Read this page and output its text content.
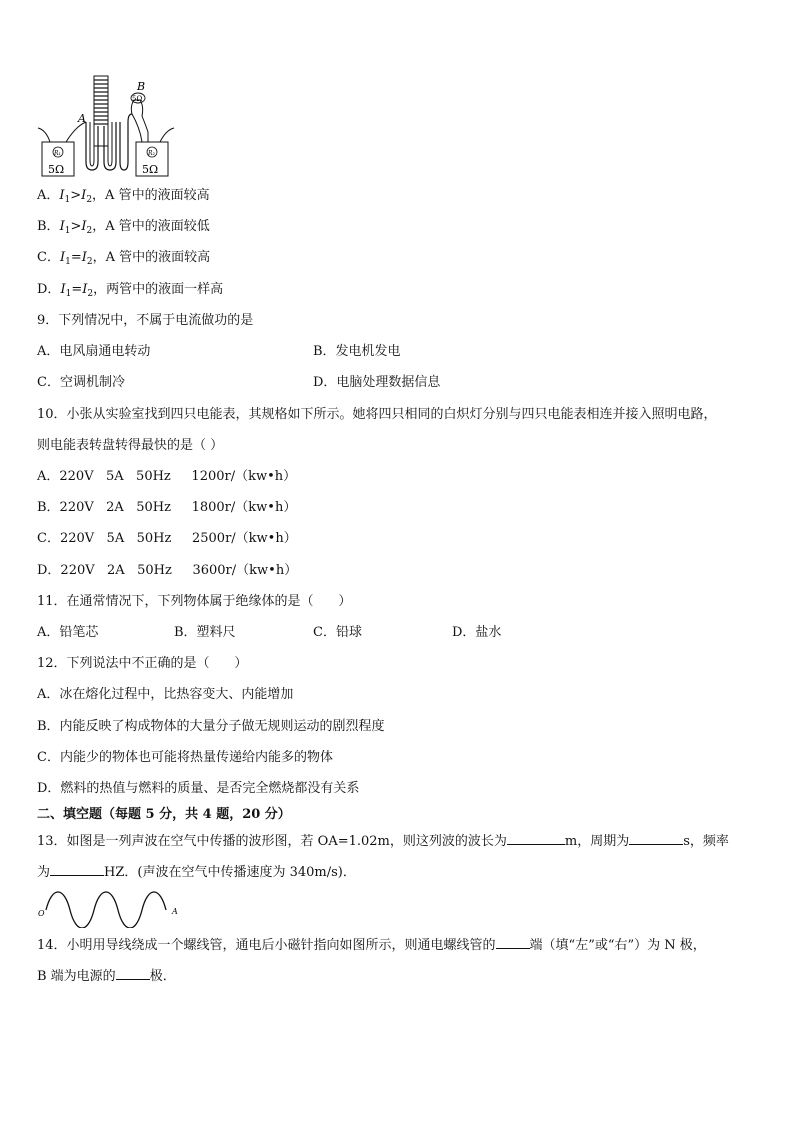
B
A
5Ω
R₁	R₂
5Ω	5Ω
A．$I_1>I_2$，A 管中的液面较高
B．$I_1>I_2$，A 管中的液面较低
C．$I_1=I_2$，A 管中的液面较高
D．$I_1=I_2$，两管中的液面一样高
9．下列情况中，不属于电流做功的是
A．电风扇通电转动	B．发电机发电
C．空调机制冷	D．电脑处理数据信息
10．小张从实验室找到四只电能表，其规格如下所示。她将四只相同的白炽灯分别与四只电能表相连并接入照明电路，
则电能表转盘转得最快的是（ ）
A．220V   5A   50Hz     1200r/（kw•h）
B．220V   2A   50Hz     1800r/（kw•h）
C．220V   5A   50Hz     2500r/（kw•h）
D．220V   2A   50Hz     3600r/（kw•h）
11．在通常情况下，下列物体属于绝缘体的是（      ）
A．铅笔芯	B．塑料尺	C．铅球	D．盐水
12．下列说法中不正确的是（      ）
A．冰在熔化过程中，比热容变大、内能增加
B．内能反映了构成物体的大量分子做无规则运动的剧烈程度
C．内能少的物体也可能将热量传递给内能多的物体
D．燃料的热值与燃料的质量、是否完全燃烧都没有关系
二、填空题（每题 5 分，共 4 题，20 分）
13．如图是一列声波在空气中传播的波形图，若 OA=1.02m，则这列波的波长为	m，周期为	s，频率
为	HZ．(声波在空气中传播速度为 340m/s)．
O	A
14．小明用导线绕成一个螺线管，通电后小磁针指向如图所示，则通电螺线管的	端（填“左”或“右”）为 N 极，
B 端为电源的	极．
